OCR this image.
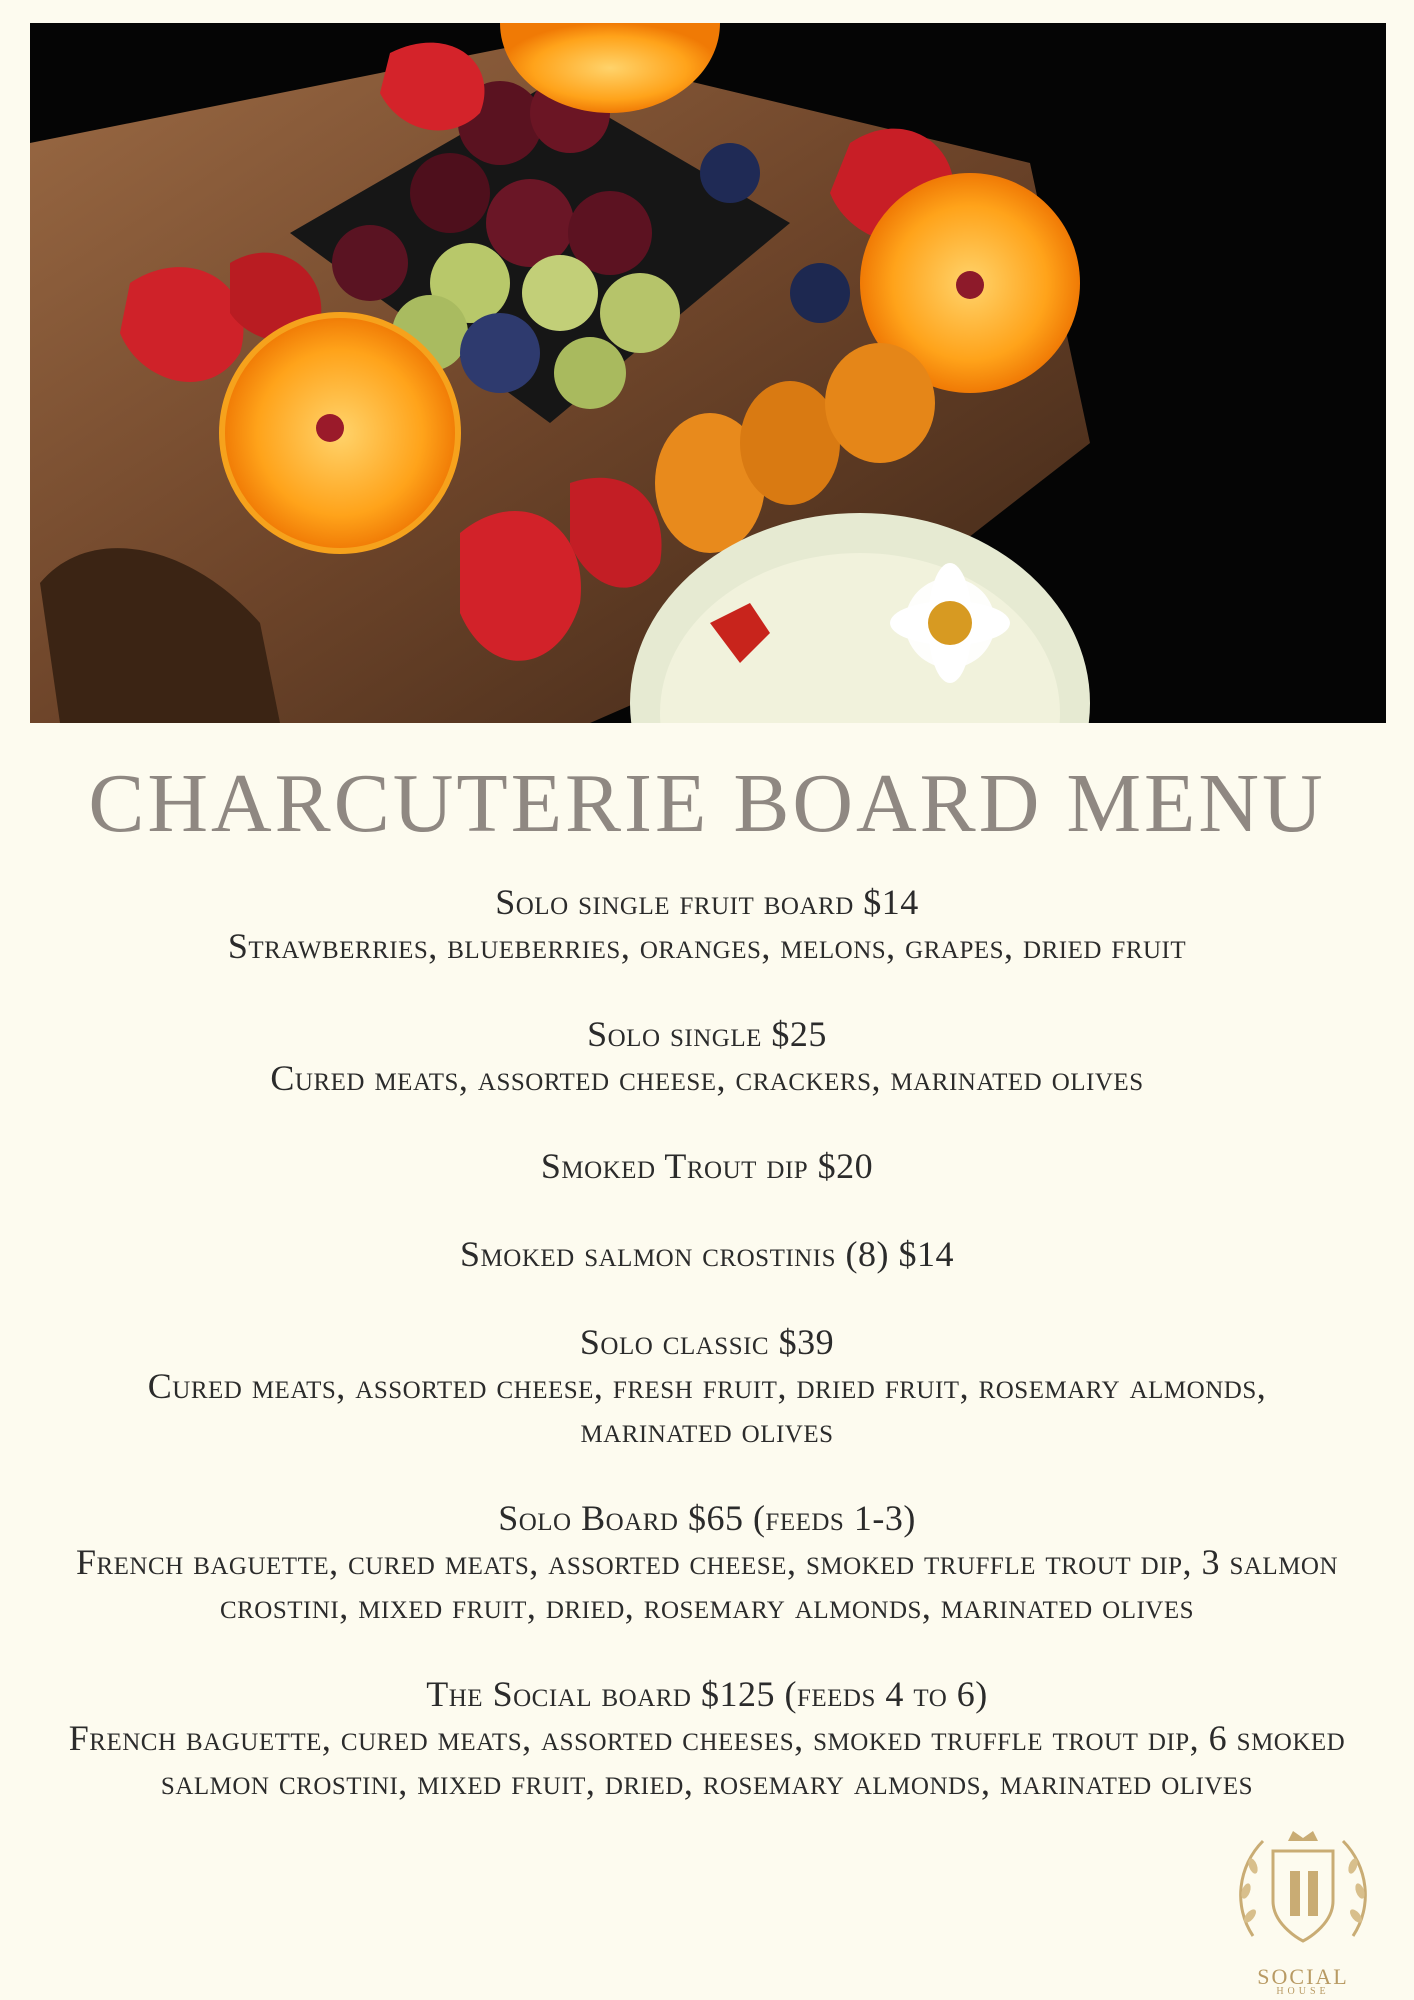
CHARCUTERIE BOARD MENU
Solo single fruit board $14
Strawberries, blueberries, oranges, melons, grapes, dried fruit
Solo single $25
Cured meats, assorted cheese, crackers, marinated olives
Smoked Trout dip $20
Smoked salmon crostinis (8) $14
Solo classic $39
Cured meats, assorted cheese, fresh fruit, dried fruit, rosemary almonds, marinated olives
Solo Board $65 (feeds 1-3)
French baguette, cured meats, assorted cheese, smoked truffle trout dip, 3 salmon crostini, mixed fruit, dried, rosemary almonds, marinated olives
The Social board $125 (feeds 4 to 6)
French baguette, cured meats, assorted cheeses, smoked truffle trout dip, 6 smoked salmon crostini, mixed fruit, dried, rosemary almonds, marinated olives
SOCIAL
HOUSE
